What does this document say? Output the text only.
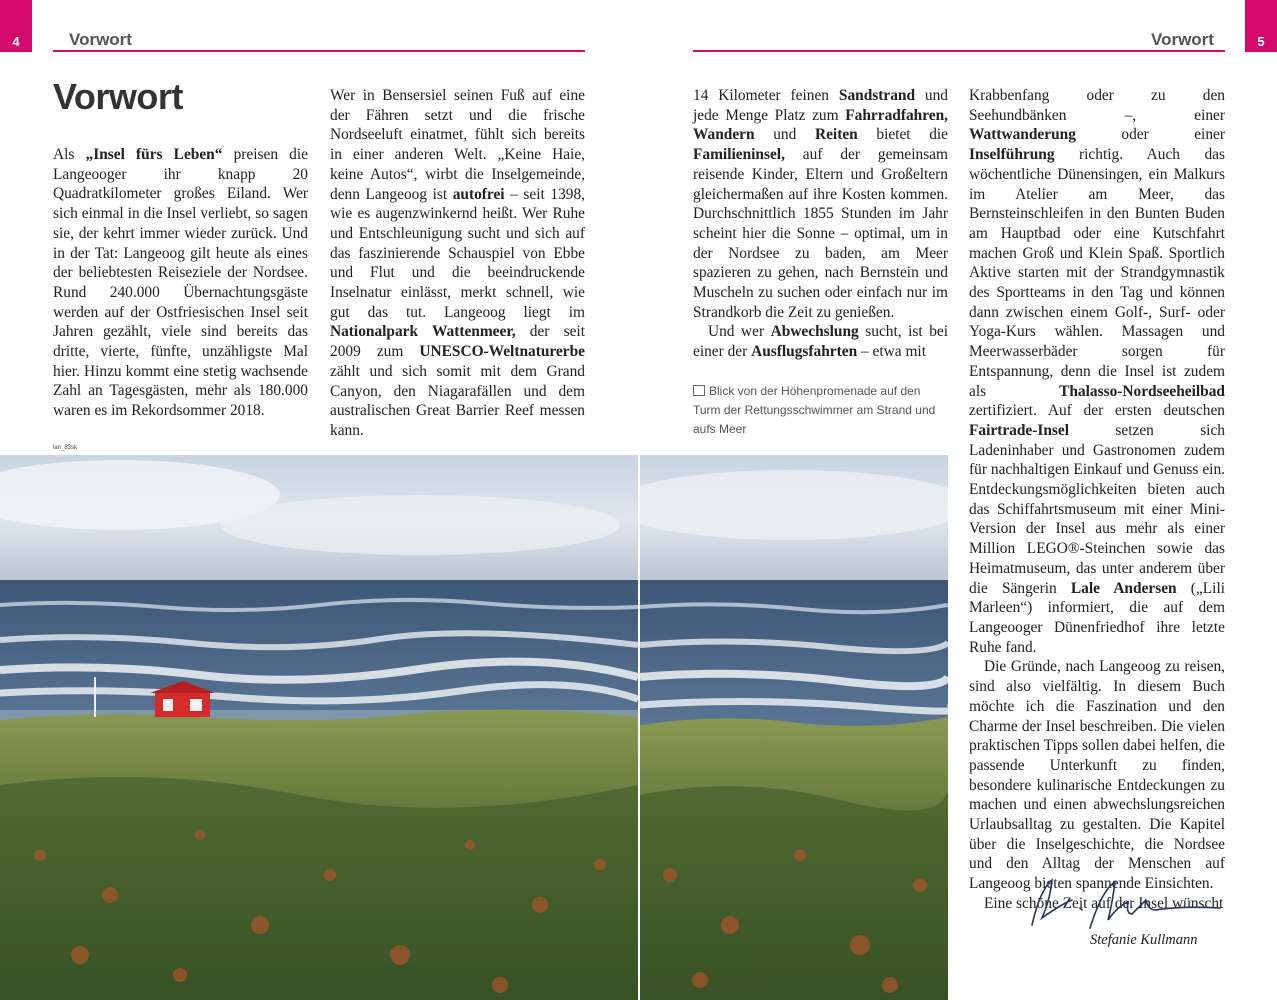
4	Vorwort	Vorwort	5
Vorwort

Als „Insel fürs Leben“ preisen die Langeooger ihr knapp 20 Quadratkilometer großes Eiland. Wer sich einmal in die Insel verliebt, so sagen sie, der kehrt immer wieder zurück. Und in der Tat: Langeoog gilt heute als eines der beliebtesten Reiseziele der Nordsee. Rund 240.000 Übernachtungsgäste werden auf der Ostfriesischen Insel seit Jahren gezählt, viele sind bereits das dritte, vierte, fünfte, unzähligste Mal hier. Hinzu kommt eine stetig wachsende Zahl an Tagesgästen, mehr als 180.000 waren es im Rekordsommer 2018.

Wer in Bensersiel seinen Fuß auf eine der Fähren setzt und die frische Nordseeluft einatmet, fühlt sich bereits in einer anderen Welt. „Keine Haie, keine Autos“, wirbt die Inselgemeinde, denn Langeoog ist autofrei – seit 1398, wie es augenzwinkernd heißt. Wer Ruhe und Entschleunigung sucht und sich auf das faszinierende Schauspiel von Ebbe und Flut und die beeindruckende Inselnatur einlässt, merkt schnell, wie gut das tut. Langeoog liegt im Nationalpark Wattenmeer, der seit 2009 zum UNESCO-Weltnaturerbe zählt und sich somit mit dem Grand Canyon, den Niagarafällen und dem australischen Great Barrier Reef messen kann.

14 Kilometer feinen Sandstrand und jede Menge Platz zum Fahrradfahren, Wandern und Reiten bietet die Familieninsel, auf der gemeinsam reisende Kinder, Eltern und Großeltern gleichermaßen auf ihre Kosten kommen. Durchschnittlich 1855 Stunden im Jahr scheint hier die Sonne – optimal, um in der Nordsee zu baden, am Meer spazieren zu gehen, nach Bernstein und Muscheln zu suchen oder einfach nur im Strandkorb die Zeit zu genießen.

Und wer Abwechslung sucht, ist bei einer der Ausflugsfahrten – etwa mit

Krabbenfang oder zu den Seehundbänken –, einer Wattwanderung oder einer Inselführung richtig. Auch das wöchentliche Dünensingen, ein Malkurs im Atelier am Meer, das Bernsteinschleifen in den Bunten Buden am Hauptbad oder eine Kutschfahrt machen Groß und Klein Spaß. Sportlich Aktive starten mit der Strandgymnastik des Sportteams in den Tag und können dann zwischen einem Golf-, Surf- oder Yoga-Kurs wählen. Massagen und Meerwasserbäder sorgen für Entspannung, denn die Insel ist zudem als Thalasso-Nordseeheilbad zertifiziert. Auf der ersten deutschen Fairtrade-Insel setzen sich Ladeninhaber und Gastronomen zudem für nachhaltigen Einkauf und Genuss ein. Entdeckungsmöglichkeiten bieten auch das Schiffahrtsmuseum mit einer Mini-Version der Insel aus mehr als einer Million LEGO®-Steinchen sowie das Heimatmuseum, das unter anderem über die Sängerin Lale Andersen („Lili Marleen“) informiert, die auf dem Langeooger Dünenfriedhof ihre letzte Ruhe fand.

Die Gründe, nach Langeoog zu reisen, sind also vielfältig. In diesem Buch möchte ich die Faszination und den Charme der Insel beschreiben. Die vielen praktischen Tipps sollen dabei helfen, die passende Unterkunft zu finden, besondere kulinarische Entdeckungen zu machen und einen abwechslungsreichen Urlaubsalltag zu gestalten. Die Kapitel über die Inselgeschichte, die Nordsee und den Alltag der Menschen auf Langeoog bieten spannende Einsichten.

Eine schöne Zeit auf der Insel wünscht

Blick von der Höhenpromenade auf den Turm der Rettungsschwimmer am Strand und aufs Meer
lan_83sk
Stefanie Kullmann
